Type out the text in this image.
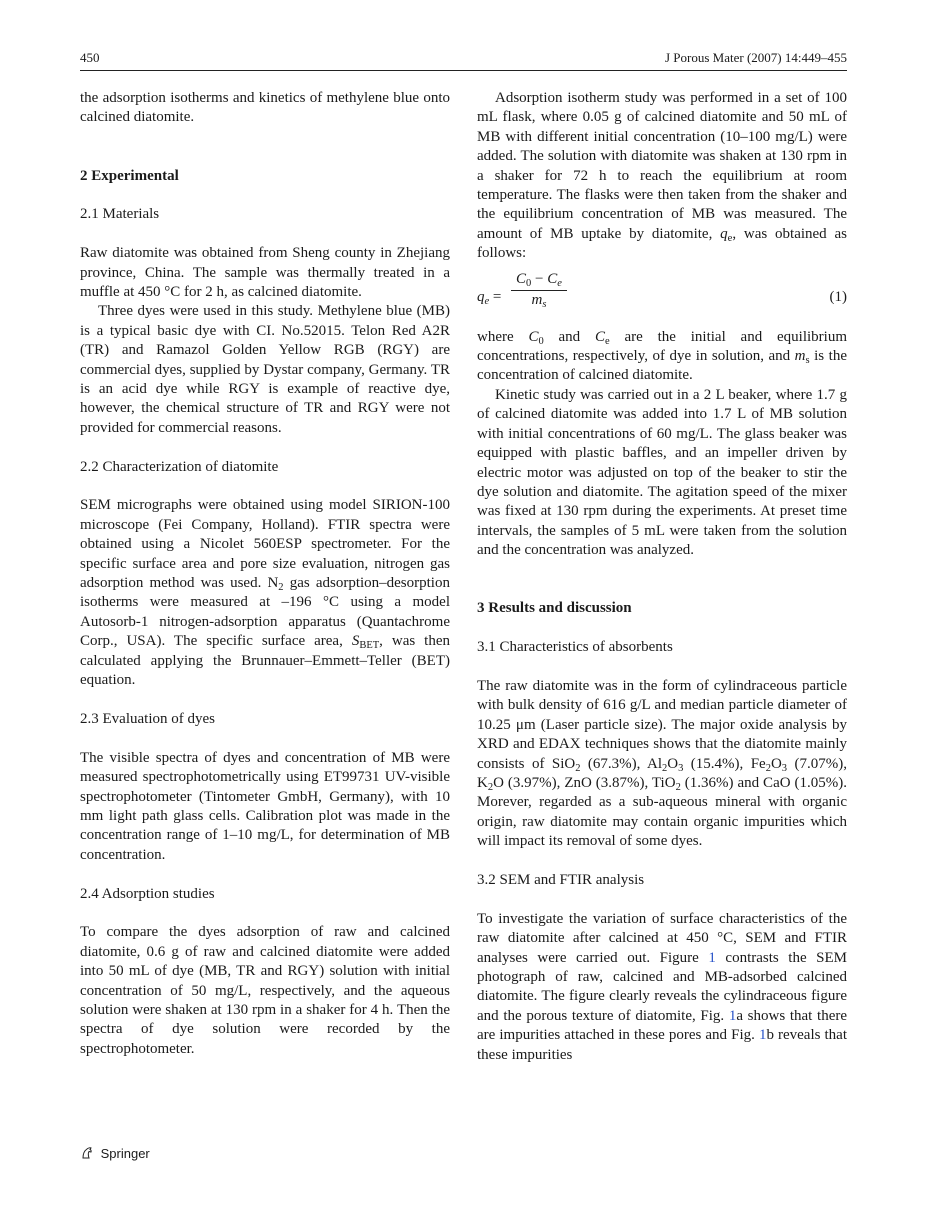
450	J Porous Mater (2007) 14:449–455

the adsorption isotherms and kinetics of methylene blue onto calcined diatomite.

2 Experimental
2.1 Materials

Raw diatomite was obtained from Sheng county in Zhejiang province, China. The sample was thermally treated in a muffle at 450 °C for 2 h, as calcined diatomite.

Three dyes were used in this study. Methylene blue (MB) is a typical basic dye with CI. No.52015. Telon Red A2R (TR) and Ramazol Golden Yellow RGB (RGY) are commercial dyes, supplied by Dystar company, Germany. TR is an acid dye while RGY is example of reactive dye, however, the chemical structure of TR and RGY were not provided for commercial reasons.

2.2 Characterization of diatomite

SEM micrographs were obtained using model SIRION-100 microscope (Fei Company, Holland). FTIR spectra were obtained using a Nicolet 560ESP spectrometer. For the specific surface area and pore size evaluation, nitrogen gas adsorption method was used. $N_2$ gas adsorption–desorption isotherms were measured at –196 °C using a model Autosorb-1 nitrogen-adsorption apparatus (Quantachrome Corp., USA). The specific surface area, $S_{BET}$, was then calculated applying the Brunnauer–Emmett–Teller (BET) equation.

2.3 Evaluation of dyes

The visible spectra of dyes and concentration of MB were measured spectrophotometrically using ET99731 UV-visible spectrophotometer (Tintometer GmbH, Germany), with 10 mm light path glass cells. Calibration plot was made in the concentration range of 1–10 mg/L, for determination of MB concentration.

2.4 Adsorption studies

To compare the dyes adsorption of raw and calcined diatomite, 0.6 g of raw and calcined diatomite were added into 50 mL of dye (MB, TR and RGY) solution with initial concentration of 50 mg/L, respectively, and the aqueous solution were shaken at 130 rpm in a shaker for 4 h. Then the spectra of dye solution were recorded by the spectrophotometer.

Adsorption isotherm study was performed in a set of 100 mL flask, where 0.05 g of calcined diatomite and 50 mL of MB with different initial concentration (10–100 mg/L) were added. The solution with diatomite was shaken at 130 rpm in a shaker for 72 h to reach the equilibrium at room temperature. The flasks were then taken from the shaker and the equilibrium concentration of MB was measured. The amount of MB uptake by diatomite, $q_e$, was obtained as follows:

$q_e = \frac{C_0 - C_e}{m_s}$	(1)

where $C_0$ and $C_e$ are the initial and equilibrium concentrations, respectively, of dye in solution, and $m_s$ is the concentration of calcined diatomite.

Kinetic study was carried out in a 2 L beaker, where 1.7 g of calcined diatomite was added into 1.7 L of MB solution with initial concentrations of 60 mg/L. The glass beaker was equipped with plastic baffles, and an impeller driven by electric motor was adjusted on top of the beaker to stir the dye solution and diatomite. The agitation speed of the mixer was fixed at 130 rpm during the experiments. At preset time intervals, the samples of 5 mL were taken from the solution and the concentration was analyzed.

3 Results and discussion
3.1 Characteristics of absorbents

The raw diatomite was in the form of cylindraceous particle with bulk density of 616 g/L and median particle diameter of 10.25 μm (Laser particle size). The major oxide analysis by XRD and EDAX techniques shows that the diatomite mainly consists of SiO$_2$ (67.3%), $Al_2O_3$ (15.4%), $Fe_2O_3$ (7.07%), $K_2O$ (3.97%), ZnO (3.87%), TiO$_2$ (1.36%) and CaO (1.05%). Morever, regarded as a sub-aqueous mineral with organic origin, raw diatomite may contain organic impurities which will impact its removal of some dyes.

3.2 SEM and FTIR analysis

To investigate the variation of surface characteristics of the raw diatomite after calcined at 450 °C, SEM and FTIR analyses were carried out. Figure 1 contrasts the SEM photograph of raw, calcined and MB-adsorbed calcined diatomite. The figure clearly reveals the cylindraceous figure and the porous texture of diatomite, Fig. 1a shows that there are impurities attached in these pores and Fig. 1b reveals that these impurities

Springer
